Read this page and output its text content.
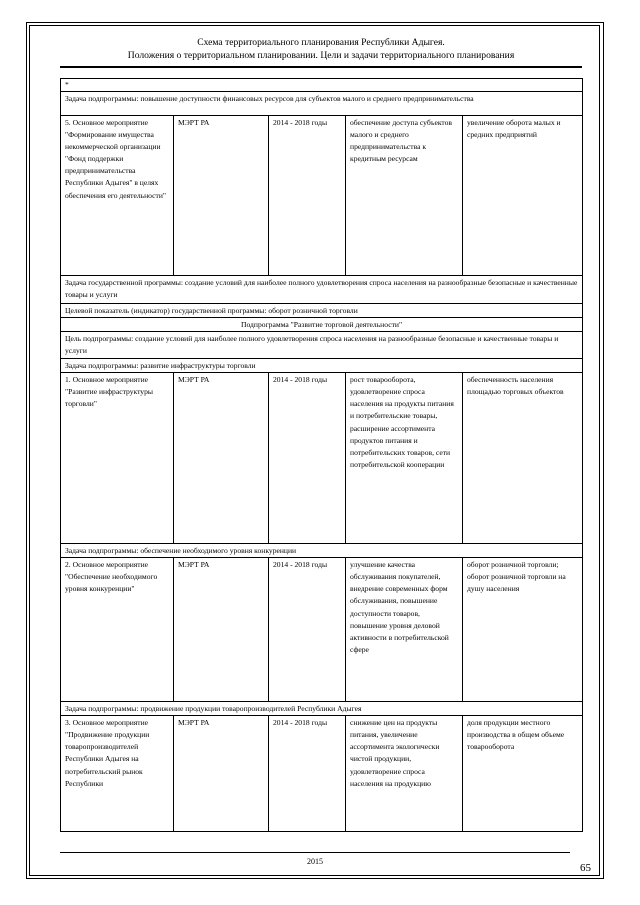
Схема территориального планирования Республики Адыгея.
Положения о территориальном планировании. Цели и задачи территориального планирования
*				
Задача подпрограммы: повышение доступности финансовых ресурсов для субъектов малого и среднего предпринимательства				
5. Основное мероприятие "Формирование имущества некоммерческой организации "Фонд поддержки предпринимательства Республики Адыгея" в целях обеспечения его деятельности"	МЭРТ РА	2014 - 2018 годы	обеспечение доступа субъектов малого и среднего предпринимательства к кредитным ресурсам	увеличение оборота малых и средних предприятий
Задача государственной программы: создание условий для наиболее полного удовлетворения спроса населения на разнообразные безопасные и качественные товары и услуги				
Целевой показатель (индикатор) государственной программы: оборот розничной торговли				
Подпрограмма "Развитие торговой деятельности"				
Цель подпрограммы: создание условий для наиболее полного удовлетворения спроса населения на разнообразные безопасные и качественные товары и услуги				
Задача подпрограммы: развитие инфраструктуры торговли				
1. Основное мероприятие "Развитие инфраструктуры торговли"	МЭРТ РА	2014 - 2018 годы	рост товарооборота, удовлетворение спроса населения на продукты питания и потребительские товары, расширение ассортимента продуктов питания и потребительских товаров, сети потребительской кооперации	обеспеченность населения площадью торговых объектов
Задача подпрограммы: обеспечение необходимого уровня конкуренции				
2. Основное мероприятие "Обеспечение необходимого уровня конкуренции"	МЭРТ РА	2014 - 2018 годы	улучшение качества обслуживания покупателей, внедрение современных форм обслуживания, повышение доступности товаров, повышение уровня деловой активности в потребительской сфере	оборот розничной торговли; оборот розничной торговли на душу населения
Задача подпрограммы: продвижение продукции товаропроизводителей Республики Адыгея				
3. Основное мероприятие "Продвижение продукции товаропроизводителей Республики Адыгея на потребительский рынок Республики	МЭРТ РА	2014 - 2018 годы	снижение цен на продукты питания, увеличение ассортимента экологически чистой продукции, удовлетворение спроса населения на продукцию	доля продукции местного производства в общем объеме товарооборота
2015
65
